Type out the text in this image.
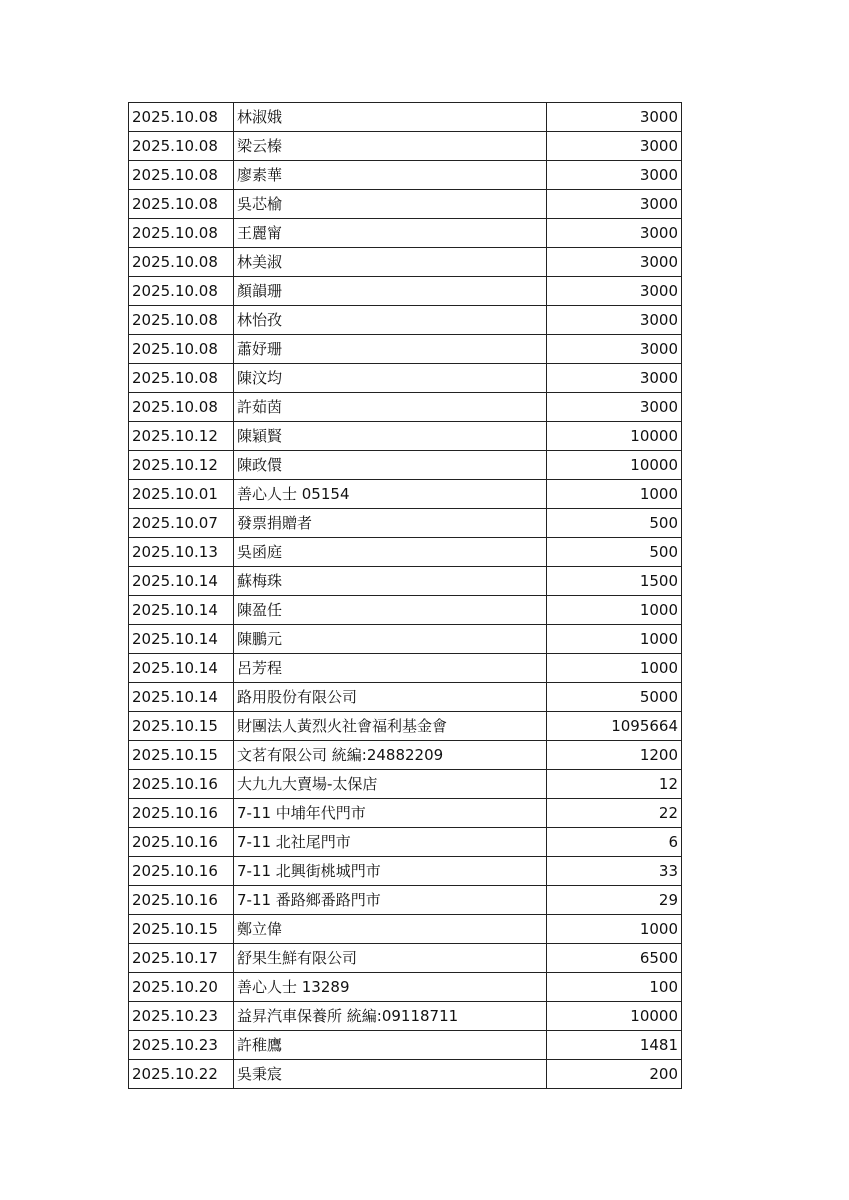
2025.10.08	林淑娥	3000
2025.10.08	梁云榛	3000
2025.10.08	廖素華	3000
2025.10.08	吳芯榆	3000
2025.10.08	王麗甯	3000
2025.10.08	林美淑	3000
2025.10.08	顏韻珊	3000
2025.10.08	林怡孜	3000
2025.10.08	蕭妤珊	3000
2025.10.08	陳汶均	3000
2025.10.08	許茹茵	3000
2025.10.12	陳穎賢	10000
2025.10.12	陳政儇	10000
2025.10.01	善心人士 05154	1000
2025.10.07	發票捐贈者	500
2025.10.13	吳函庭	500
2025.10.14	蘇梅珠	1500
2025.10.14	陳盈任	1000
2025.10.14	陳鵬元	1000
2025.10.14	呂芳程	1000
2025.10.14	路用股份有限公司	5000
2025.10.15	財團法人黃烈火社會福利基金會	1095664
2025.10.15	文茗有限公司 統編:24882209	1200
2025.10.16	大九九大賣場-太保店	12
2025.10.16	7-11 中埔年代門市	22
2025.10.16	7-11 北社尾門市	6
2025.10.16	7-11 北興街桃城門市	33
2025.10.16	7-11 番路鄉番路門市	29
2025.10.15	鄭立偉	1000
2025.10.17	舒果生鮮有限公司	6500
2025.10.20	善心人士 13289	100
2025.10.23	益昇汽車保養所 統編:09118711	10000
2025.10.23	許稚鷹	1481
2025.10.22	吳秉宸	200
